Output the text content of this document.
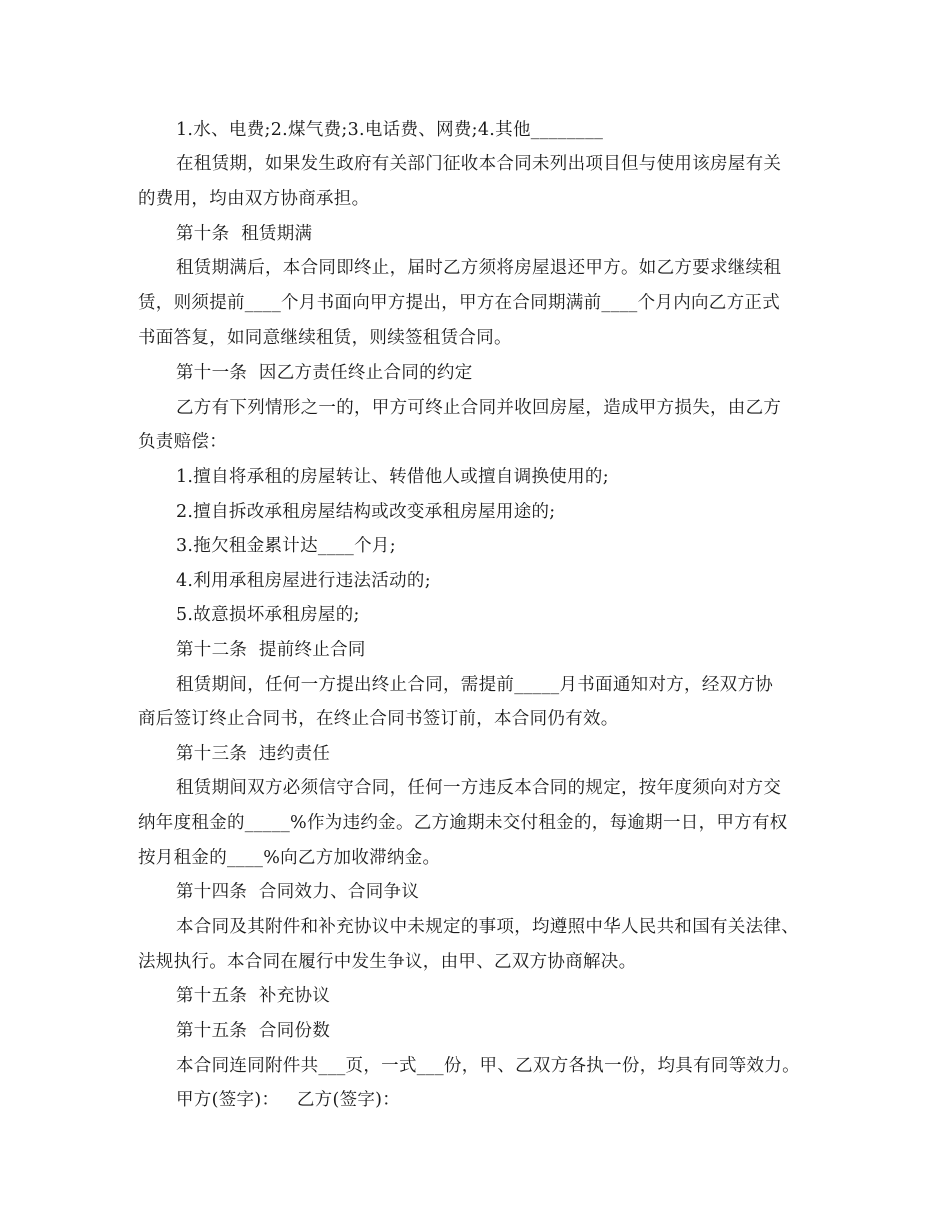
1.水、电费;2.煤气费;3.电话费、网费;4.其他________
在租赁期，如果发生政府有关部门征收本合同未列出项目但与使用该房屋有关
的费用，均由双方协商承担。
第十条  租赁期满
租赁期满后，本合同即终止，届时乙方须将房屋退还甲方。如乙方要求继续租
赁，则须提前____个月书面向甲方提出，甲方在合同期满前____个月内向乙方正式
书面答复，如同意继续租赁，则续签租赁合同。
第十一条  因乙方责任终止合同的约定
乙方有下列情形之一的，甲方可终止合同并收回房屋，造成甲方损失，由乙方
负责赔偿：
1.擅自将承租的房屋转让、转借他人或擅自调换使用的;
2.擅自拆改承租房屋结构或改变承租房屋用途的;
3.拖欠租金累计达____个月;
4.利用承租房屋进行违法活动的;
5.故意损坏承租房屋的;
第十二条  提前终止合同
租赁期间，任何一方提出终止合同，需提前_____月书面通知对方，经双方协
商后签订终止合同书，在终止合同书签订前，本合同仍有效。
第十三条  违约责任
租赁期间双方必须信守合同，任何一方违反本合同的规定，按年度须向对方交
纳年度租金的_____%作为违约金。乙方逾期未交付租金的，每逾期一日，甲方有权
按月租金的____%向乙方加收滞纳金。
第十四条  合同效力、合同争议
本合同及其附件和补充协议中未规定的事项，均遵照中华人民共和国有关法律、
法规执行。本合同在履行中发生争议，由甲、乙双方协商解决。
第十五条  补充协议
第十五条  合同份数
本合同连同附件共___页，一式___份，甲、乙双方各执一份，均具有同等效力。
甲方(签字)：   乙方(签字)：
